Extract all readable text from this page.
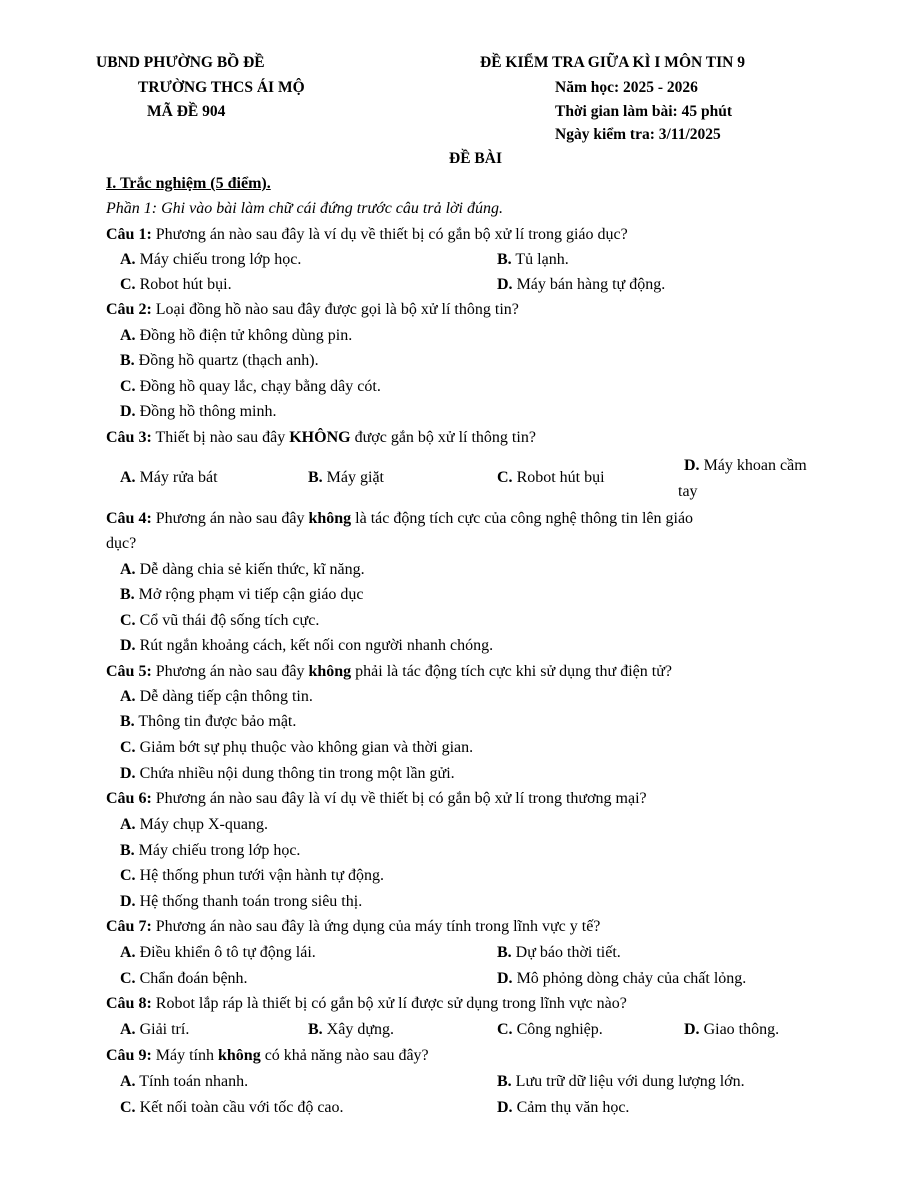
UBND PHƯỜNG BỒ ĐỀ
TRƯỜNG THCS ÁI MỘ
MÃ ĐỀ 904
ĐỀ KIỂM TRA GIỮA KÌ I MÔN TIN 9
Năm học: 2025 - 2026
Thời gian làm bài: 45 phút
Ngày kiểm tra: 3/11/2025
ĐỀ BÀI
I. Trắc nghiệm (5 điểm).
Phần 1: Ghi vào bài làm chữ cái đứng trước câu trả lời đúng.
Câu 1: Phương án nào sau đây là ví dụ về thiết bị có gắn bộ xử lí trong giáo dục?
A. Máy chiếu trong lớp học.	B. Tủ lạnh.
C. Robot hút bụi.	D. Máy bán hàng tự động.
Câu 2: Loại đồng hồ nào sau đây được gọi là bộ xử lí thông tin?
A. Đồng hồ điện tử không dùng pin.
B. Đồng hồ quartz (thạch anh).
C. Đồng hồ quay lắc, chạy bằng dây cót.
D. Đồng hồ thông minh.
Câu 3: Thiết bị nào sau đây KHÔNG được gắn bộ xử lí thông tin?
A. Máy rửa bát	B. Máy giặt	C. Robot hút bụi
D. Máy khoan cầm
tay
Câu 4: Phương án nào sau đây không là tác động tích cực của công nghệ thông tin lên giáo
dục?
A. Dễ dàng chia sẻ kiến thức, kĩ năng.
B. Mở rộng phạm vi tiếp cận giáo dục
C. Cổ vũ thái độ sống tích cực.
D. Rút ngắn khoảng cách, kết nối con người nhanh chóng.
Câu 5: Phương án nào sau đây không phải là tác động tích cực khi sử dụng thư điện tử?
A. Dễ dàng tiếp cận thông tin.
B. Thông tin được bảo mật.
C. Giảm bớt sự phụ thuộc vào không gian và thời gian.
D. Chứa nhiều nội dung thông tin trong một lần gửi.
Câu 6: Phương án nào sau đây là ví dụ về thiết bị có gắn bộ xử lí trong thương mại?
A. Máy chụp X-quang.
B. Máy chiếu trong lớp học.
C. Hệ thống phun tưới vận hành tự động.
D. Hệ thống thanh toán trong siêu thị.
Câu 7: Phương án nào sau đây là ứng dụng của máy tính trong lĩnh vực y tế?
A. Điều khiển ô tô tự động lái.	B. Dự báo thời tiết.
C. Chẩn đoán bệnh.	D. Mô phỏng dòng chảy của chất lỏng.
Câu 8: Robot lắp ráp là thiết bị có gắn bộ xử lí được sử dụng trong lĩnh vực nào?
A. Giải trí.	B. Xây dựng.	C. Công nghiệp.	D. Giao thông.
Câu 9: Máy tính không có khả năng nào sau đây?
A. Tính toán nhanh.	B. Lưu trữ dữ liệu với dung lượng lớn.
C. Kết nối toàn cầu với tốc độ cao.	D. Cảm thụ văn học.
